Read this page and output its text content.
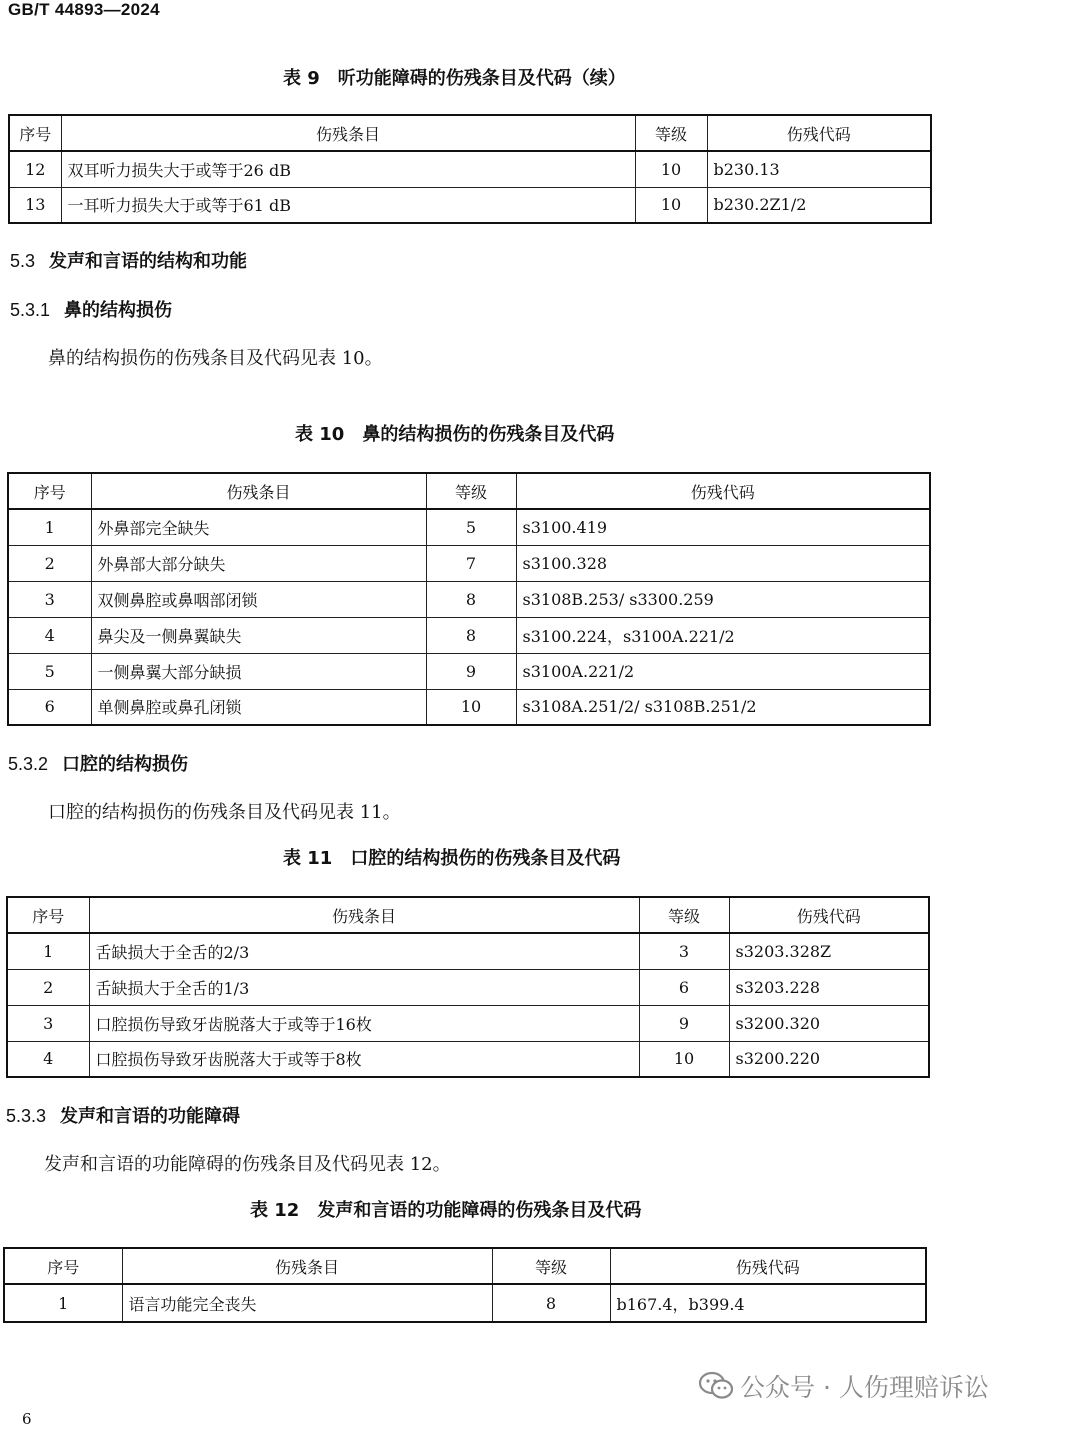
GB/T 44893—2024
表 9　听功能障碍的伤残条目及代码（续）
序号	伤残条目	等级	伤残代码
12	双耳听力损失大于或等于26 dB	10	b230.13
13	一耳听力损失大于或等于61 dB	10	b230.2Z1/2
5.3 发声和言语的结构和功能
5.3.1 鼻的结构损伤
鼻的结构损伤的伤残条目及代码见表 10。
表 10　鼻的结构损伤的伤残条目及代码
序号	伤残条目	等级	伤残代码
1	外鼻部完全缺失	5	s3100.419
2	外鼻部大部分缺失	7	s3100.328
3	双侧鼻腔或鼻咽部闭锁	8	s3108B.253/ s3300.259
4	鼻尖及一侧鼻翼缺失	8	s3100.224，s3100A.221/2
5	一侧鼻翼大部分缺损	9	s3100A.221/2
6	单侧鼻腔或鼻孔闭锁	10	s3108A.251/2/ s3108B.251/2
5.3.2 口腔的结构损伤
口腔的结构损伤的伤残条目及代码见表 11。
表 11　口腔的结构损伤的伤残条目及代码
序号	伤残条目	等级	伤残代码
1	舌缺损大于全舌的2/3	3	s3203.328Z
2	舌缺损大于全舌的1/3	6	s3203.228
3	口腔损伤导致牙齿脱落大于或等于16枚	9	s3200.320
4	口腔损伤导致牙齿脱落大于或等于8枚	10	s3200.220
5.3.3 发声和言语的功能障碍
发声和言语的功能障碍的伤残条目及代码见表 12。
表 12　发声和言语的功能障碍的伤残条目及代码
序号	伤残条目	等级	伤残代码
1	语言功能完全丧失	8	b167.4，b399.4
公众号 · 人伤理赔诉讼
6
